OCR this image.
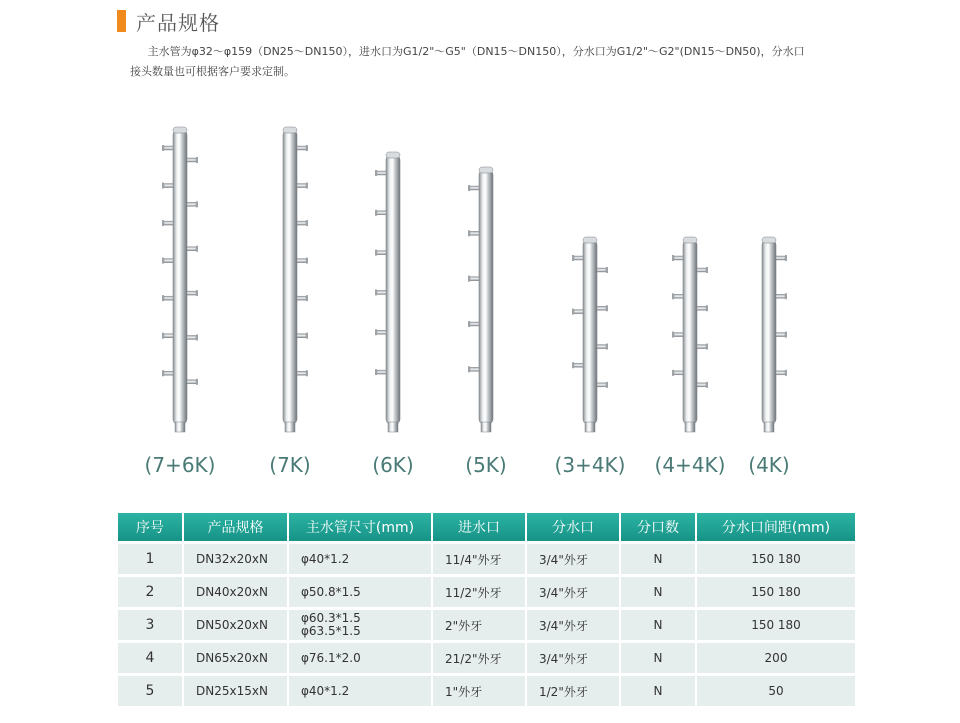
产品规格
主水管为φ32～φ159（DN25～DN150），进水口为G1/2"～G5"（DN15～DN150），分水口为G1/2"～G2"(DN15～DN50)，分水口接头数量也可根据客户要求定制。
(7+6K)	(7K)	(6K)	(5K) (3+4K) (4+4K) (4K)
序号	产品规格	主水管尺寸(mm)	进水口	分水口	分口数	分水口间距(mm)
1	DN32x20xN	φ40*1.2	11/4"外牙	3/4"外牙	N	150 180
2	DN40x20xN	φ50.8*1.5	11/2"外牙	3/4"外牙	N	150 180
3	DN50x20xN	φ60.3*1.5
φ63.5*1.5	2"外牙	3/4"外牙	N	150 180
4	DN65x20xN	φ76.1*2.0	21/2"外牙	3/4"外牙	N	200
5	DN25x15xN	φ40*1.2	1"外牙	1/2"外牙	N	50
